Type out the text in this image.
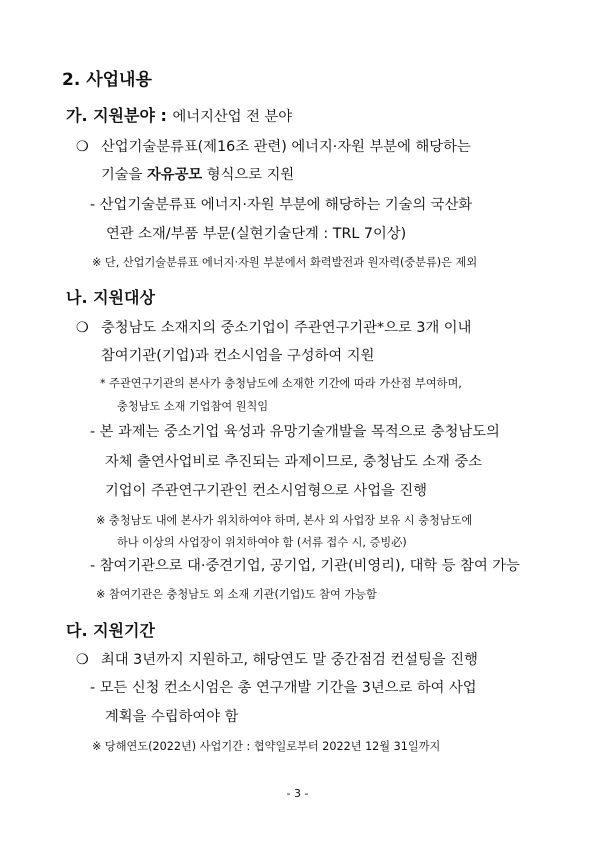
2. 사업내용
가. 지원분야 : 에너지산업 전 분야
❍ 산업기술분류표(제16조 관련) 에너지·자원 부분에 해당하는
기술을 자유공모 형식으로 지원
- 산업기술분류표 에너지·자원 부분에 해당하는 기술의 국산화
연관 소재/부품 부문(실현기술단계 : TRL 7이상)
※ 단, 산업기술분류표 에너지·자원 부분에서 화력발전과 원자력(중분류)은 제외
나. 지원대상
❍ 충청남도 소재지의 중소기업이 주관연구기관*으로 3개 이내
참여기관(기업)과 컨소시엄을 구성하여 지원
* 주관연구기관의 본사가 충청남도에 소재한 기간에 따라 가산점 부여하며,
충청남도 소재 기업참여 원칙임
- 본 과제는 중소기업 육성과 유망기술개발을 목적으로 충청남도의
자체 출연사업비로 추진되는 과제이므로, 충청남도 소재 중소
기업이 주관연구기관인 컨소시엄형으로 사업을 진행
※ 충청남도 내에 본사가 위치하여야 하며, 본사 외 사업장 보유 시 충청남도에
하나 이상의 사업장이 위치하여야 함 (서류 접수 시, 증빙必)
- 참여기관으로 대·중견기업, 공기업, 기관(비영리), 대학 등 참여 가능
※ 참여기관은 충청남도 외 소재 기관(기업)도 참여 가능함
다. 지원기간
❍ 최대 3년까지 지원하고, 해당연도 말 중간점검 컨설팅을 진행
- 모든 신청 컨소시엄은 총 연구개발 기간을 3년으로 하여 사업
계획을 수립하여야 함
※ 당해연도(2022년) 사업기간 : 협약일로부터 2022년 12월 31일까지
- 3 -
